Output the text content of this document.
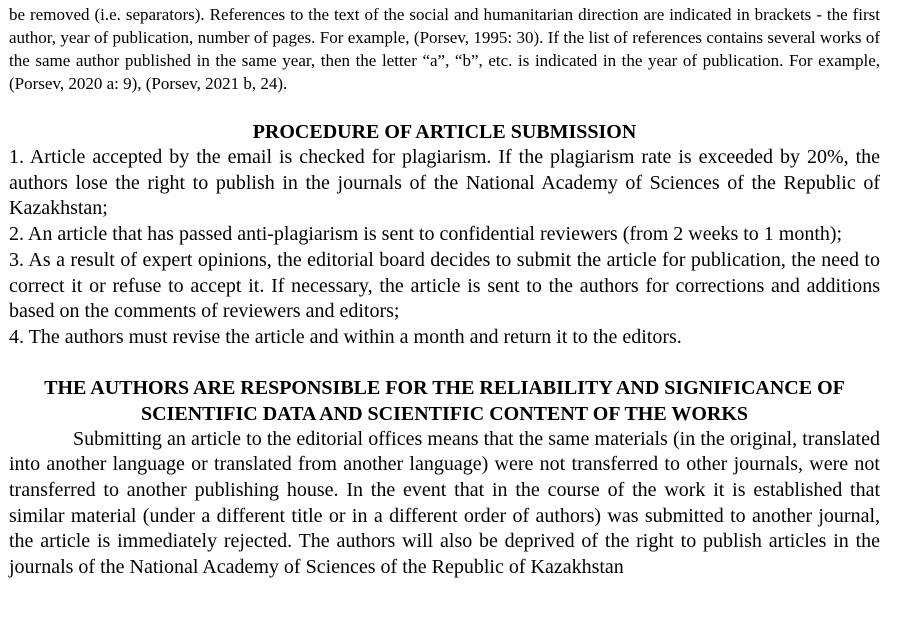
be removed (i.e. separators). References to the text of the social and humanitarian direction are indicated in brackets - the first author, year of publication, number of pages. For example, (Porsev, 1995: 30). If the list of references contains several works of the same author published in the same year, then the letter “a”, “b”, etc. is indicated in the year of publication. For example, (Porsev, 2020 a: 9), (Porsev, 2021 b, 24).

PROCEDURE OF ARTICLE SUBMISSION
1. Article accepted by the email is checked for plagiarism. If the plagiarism rate is exceeded by 20%, the authors lose the right to publish in the journals of the National Academy of Sciences of the Republic of Kazakhstan;
2. An article that has passed anti-plagiarism is sent to confidential reviewers (from 2 weeks to 1 month);
3. As a result of expert opinions, the editorial board decides to submit the article for publication, the need to correct it or refuse to accept it. If necessary, the article is sent to the authors for corrections and additions based on the comments of reviewers and editors;
4. The authors must revise the article and within a month and return it to the editors.
THE AUTHORS ARE RESPONSIBLE FOR THE RELIABILITY AND SIGNIFICANCE OF SCIENTIFIC DATA AND SCIENTIFIC CONTENT OF THE WORKS

Submitting an article to the editorial offices means that the same materials (in the original, translated into another language or translated from another language) were not transferred to other journals, were not transferred to another publishing house. In the event that in the course of the work it is established that similar material (under a different title or in a different order of authors) was submitted to another journal, the article is immediately rejected. The authors will also be deprived of the right to publish articles in the journals of the National Academy of Sciences of the Republic of Kazakhstan
